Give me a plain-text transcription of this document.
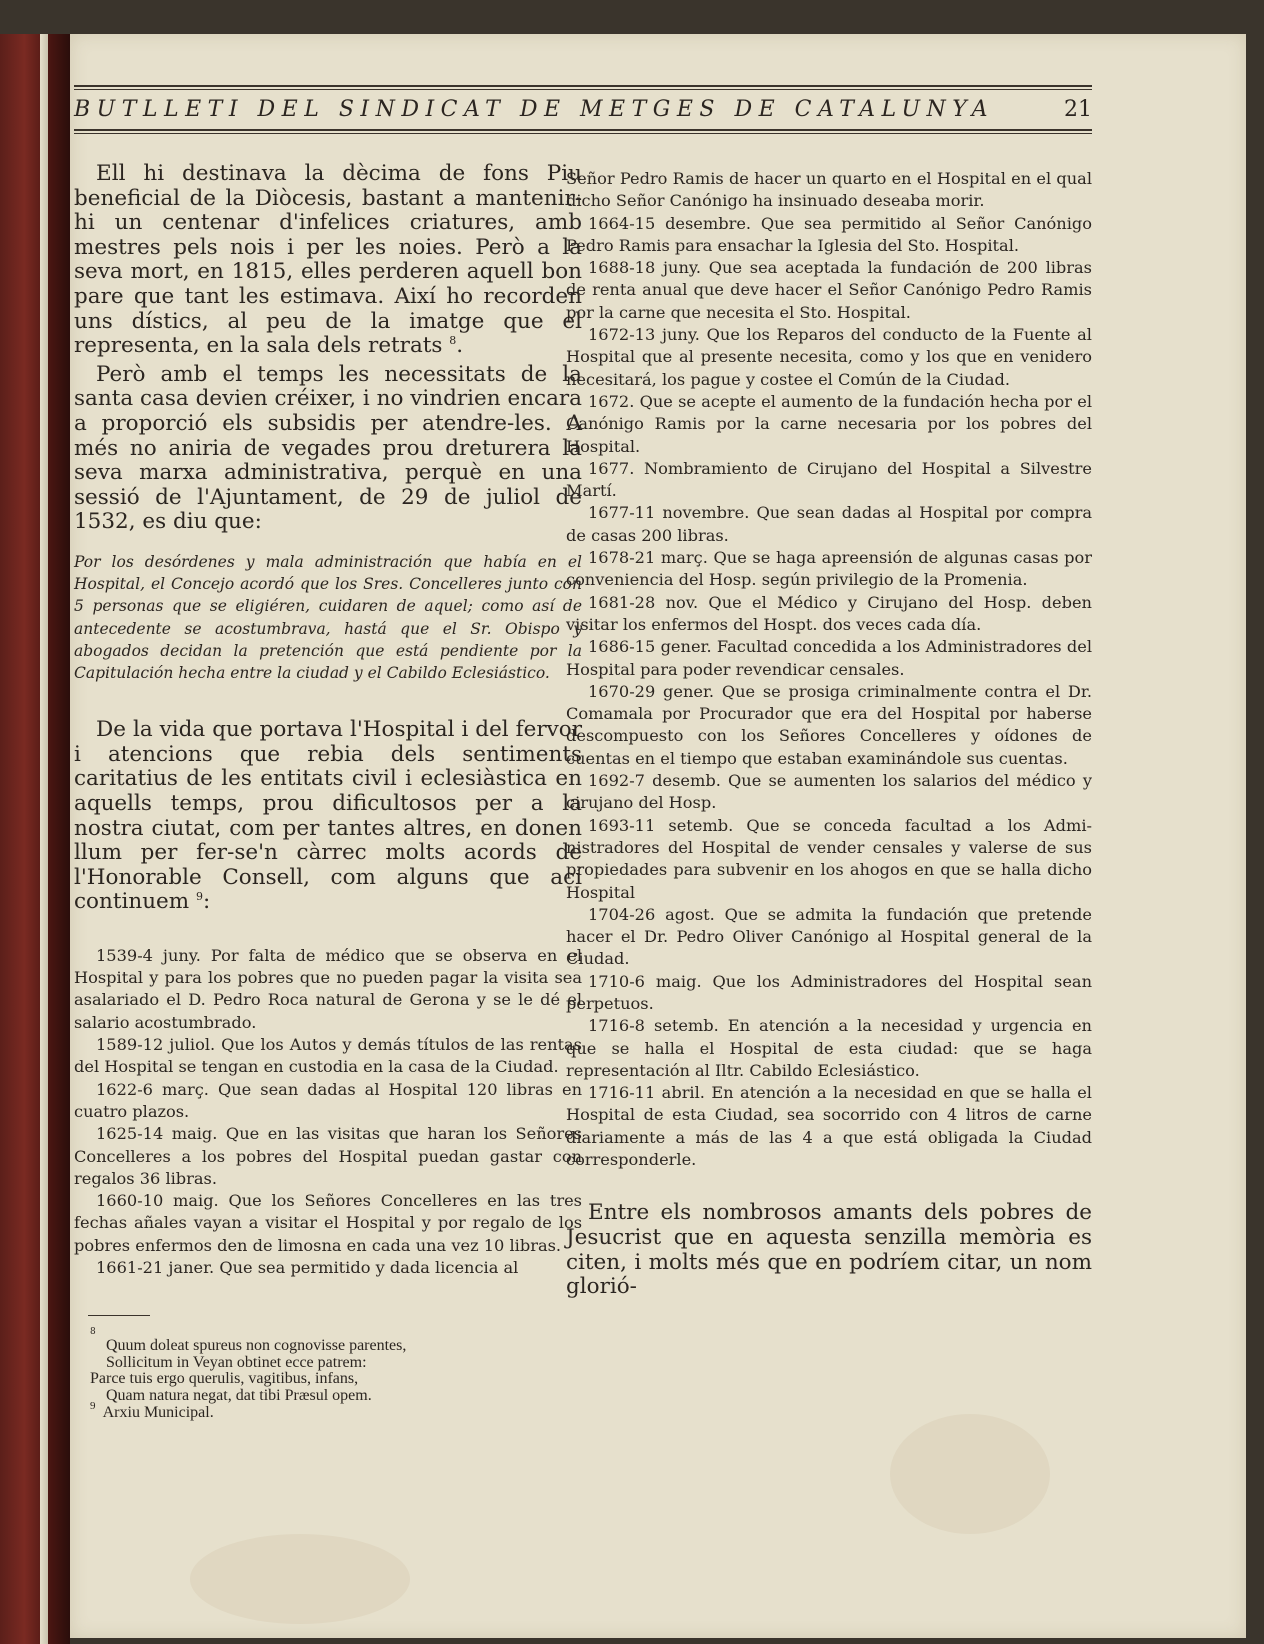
BUTLLETI DEL SINDICAT DE METGES DE CATALUNYA	21

Ell hi destinava la dècima de fons Piu beneficial de la Diòcesis, bastant a mantenir-hi un centenar d'infelices criatures, amb mestres pels nois i per les noies. Però a la seva mort, en 1815, elles perderen aquell bon pare que tant les estimava. Així ho recorden uns dístics, al peu de la imatge que el representa, en la sala dels retrats $^8$.

Però amb el temps les necessitats de la santa casa devien créixer, i no vindrien encara a proporció els subsidis per atendre-les. A més no aniria de vegades prou dreturera la seva marxa administrativa, perquè en una sessió de l'Ajuntament, de 29 de juliol de 1532, es diu que:

Por los desórdenes y mala administración que había en el Hospital, el Concejo acordó que los Sres. Concelleres junto con 5 personas que se eligiéren, cuidaren de aquel; como así de antecedente se acostumbrava, hastá que el Sr. Obispo y abogados decidan la pretención que está pendiente por la Capitulación hecha entre la ciudad y el Cabildo Eclesiástico.

De la vida que portava l'Hospital i del fervor i atencions que rebia dels sentiments caritatius de les entitats civil i eclesiàstica en aquells temps, prou dificultosos per a la nostra ciutat, com per tantes altres, en donen llum per fer-se'n càrrec molts acords de l'Honorable Consell, com alguns que ací continuem $^9$:

1539-4 juny. Por falta de médico que se observa en el Hospital y para los pobres que no pueden pagar la visita sea asalariado el D. Pedro Roca natural de Gerona y se le dé el salario acostumbrado.

1589-12 juliol. Que los Autos y demás títulos de las rentas del Hospital se tengan en custodia en la casa de la Ciudad.

1622-6 març. Que sean dadas al Hospital 120 libras en cuatro plazos.

1625-14 maig. Que en las visitas que haran los Señores Concelleres a los pobres del Hospital puedan gastar con regalos 36 libras.

1660-10 maig. Que los Señores Concelleres en las tres fechas añales vayan a visitar el Hospital y por regalo de los pobres enfermos den de limosna en cada una vez 10 libras.

1661-21 janer. Que sea permitido y dada licencia al

8
Quum doleat spureus non cognovisse parentes,
Sollicitum in Veyan obtinet ecce patrem:
Parce tuis ergo querulis, vagitibus, infans,
Quam natura negat, dat tibi Præsul opem.
$^9$ Arxiu Municipal.

Señor Pedro Ramis de hacer un quarto en el Hospital en el qual dicho Señor Canónigo ha insinuado deseaba morir.

1664-15 desembre. Que sea permitido al Señor Canónigo Pedro Ramis para ensachar la Iglesia del Sto. Hospital.

1688-18 juny. Que sea aceptada la fundación de 200 libras de renta anual que deve hacer el Señor Canónigo Pedro Ramis por la carne que necesita el Sto. Hospital.

1672-13 juny. Que los Reparos del conducto de la Fuente al Hospital que al presente necesita, como y los que en venidero necesitará, los pague y costee el Común de la Ciudad.

1672. Que se acepte el aumento de la fundación hecha por el Canónigo Ramis por la carne necesaria por los pobres del Hospital.

1677. Nombramiento de Cirujano del Hospital a Silvestre Martí.

1677-11 novembre. Que sean dadas al Hospital por compra de casas 200 libras.

1678-21 març. Que se haga apreensión de algunas casas por conveniencia del Hosp. según privilegio de la Promenia.

1681-28 nov. Que el Médico y Cirujano del Hosp. deben visitar los enfermos del Hospt. dos veces cada día.

1686-15 gener. Facultad concedida a los Administradores del Hospital para poder revendicar censales.

1670-29 gener. Que se prosiga criminalmente contra el Dr. Comamala por Procurador que era del Hospital por haberse descompuesto con los Señores Concelleres y oídones de cuentas en el tiempo que estaban examinándole sus cuentas.

1692-7 desemb. Que se aumenten los salarios del médico y cirujano del Hosp.

1693-11 setemb. Que se conceda facultad a los Administradores del Hospital de vender censales y valerse de sus propiedades para subvenir en los ahogos en que se halla dicho Hospital

1704-26 agost. Que se admita la fundación que pretende hacer el Dr. Pedro Oliver Canónigo al Hospital general de la Ciudad.

1710-6 maig. Que los Administradores del Hospital sean perpetuos.

1716-8 setemb. En atención a la necesidad y urgencia en que se halla el Hospital de esta ciudad: que se haga representación al Iltr. Cabildo Eclesiástico.

1716-11 abril. En atención a la necesidad en que se halla el Hospital de esta Ciudad, sea socorrido con 4 litros de carne diariamente a más de las 4 a que está obligada la Ciudad corresponderle.

Entre els nombrosos amants dels pobres de Jesucrist que en aquesta senzilla memòria es citen, i molts més que en podríem citar, un nom glorió-
